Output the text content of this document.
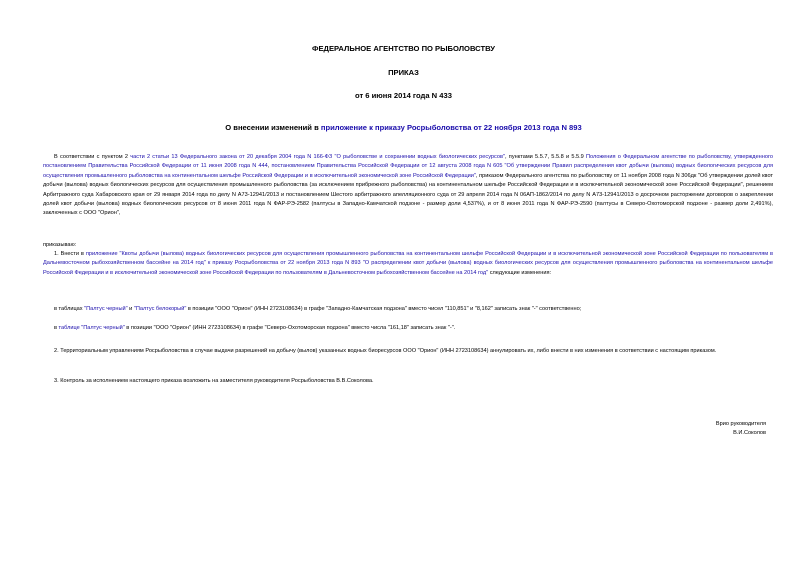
ФЕДЕРАЛЬНОЕ АГЕНТСТВО ПО РЫБОЛОВСТВУ
ПРИКАЗ
от 6 июня 2014 года N 433
О внесении изменений в приложение к приказу Росрыболовства от 22 ноября 2013 года N 893
В соответствии с пунктом 2 части 2 статьи 13 Федерального закона от 20 декабря 2004 года N 166-ФЗ "О рыболовстве и сохранении водных биологических ресурсов", пунктами 5.5.7, 5.5.8 и 5.5.9 Положения о Федеральном агентстве по рыболовству, утвержденного постановлением Правительства Российской Федерации от 11 июня 2008 года N 444, постановлением Правительства Российской Федерации от 12 августа 2008 года N 605 "Об утверждении Правил распределения квот добычи (вылова) водных биологических ресурсов для осуществления промышленного рыболовства на континентальном шельфе Российской Федерации и в исключительной экономической зоне Российской Федерации", приказом Федерального агентства по рыболовству от 11 ноября 2008 года N 306дк "Об утверждении долей квот добычи (вылова) водных биологических ресурсов для осуществления промышленного рыболовства (за исключением прибрежного рыболовства) на континентальном шельфе Российской Федерации и в исключительной экономической зоне Российской Федерации", решением Арбитражного суда Хабаровского края от 29 января 2014 года по делу N А73-12941/2013 и постановлением Шестого арбитражного апелляционного суда от 29 апреля 2014 года N 06АП-1862/2014 по делу N А73-12941/2013 о досрочном расторжении договоров о закреплении долей квот добычи (вылова) водных биологических ресурсов от 8 июня 2011 года N ФАР-РЭ-2582 (палтусы в Западно-Камчатской подзоне - размер доли 4,537%), и от 8 июня 2011 года N ФАР-РЭ-2590 (палтусы в Северо-Охотоморской подзоне - размер доли 2,491%), заключенных с ООО "Орион",
приказываю:
1. Внести в приложение "Квоты добычи (вылова) водных биологических ресурсов для осуществления промышленного рыболовства на континентальном шельфе Российской Федерации и в исключительной экономической зоне Российской Федерации по пользователям в Дальневосточном рыбохозяйственном бассейне на 2014 год" к приказу Росрыболовства от 22 ноября 2013 года N 893 "О распределении квот добычи (вылова) водных биологических ресурсов для осуществления промышленного рыболовства на континентальном шельфе Российской Федерации и в исключительной экономической зоне Российской Федерации по пользователям в Дальневосточном рыбохозяйственном бассейне на 2014 год" следующие изменения:
в таблицах "Палтус черный" и "Палтус белокорый" в позиции "ООО "Орион" (ИНН 2723108634) в графе "Западно-Камчатская подзона" вместо чисел "110,851" и "8,162" записать знак "-" соответственно;
в таблице "Палтус черный" в позиции "ООО "Орион" (ИНН 2723108634) в графе "Северо-Охотоморская подзона" вместо числа "161,18" записать знак "-".
2. Территориальным управлениям Росрыболовства в случае выдачи разрешений на добычу (вылов) указанных водных биоресурсов ООО "Орион" (ИНН 2723108634) аннулировать их, либо внести в них изменения в соответствии с настоящим приказом.
3. Контроль за исполнением настоящего приказа возложить на заместителя руководителя Росрыболовства В.В.Соколова.
Врио руководителя
В.И.Соколов
